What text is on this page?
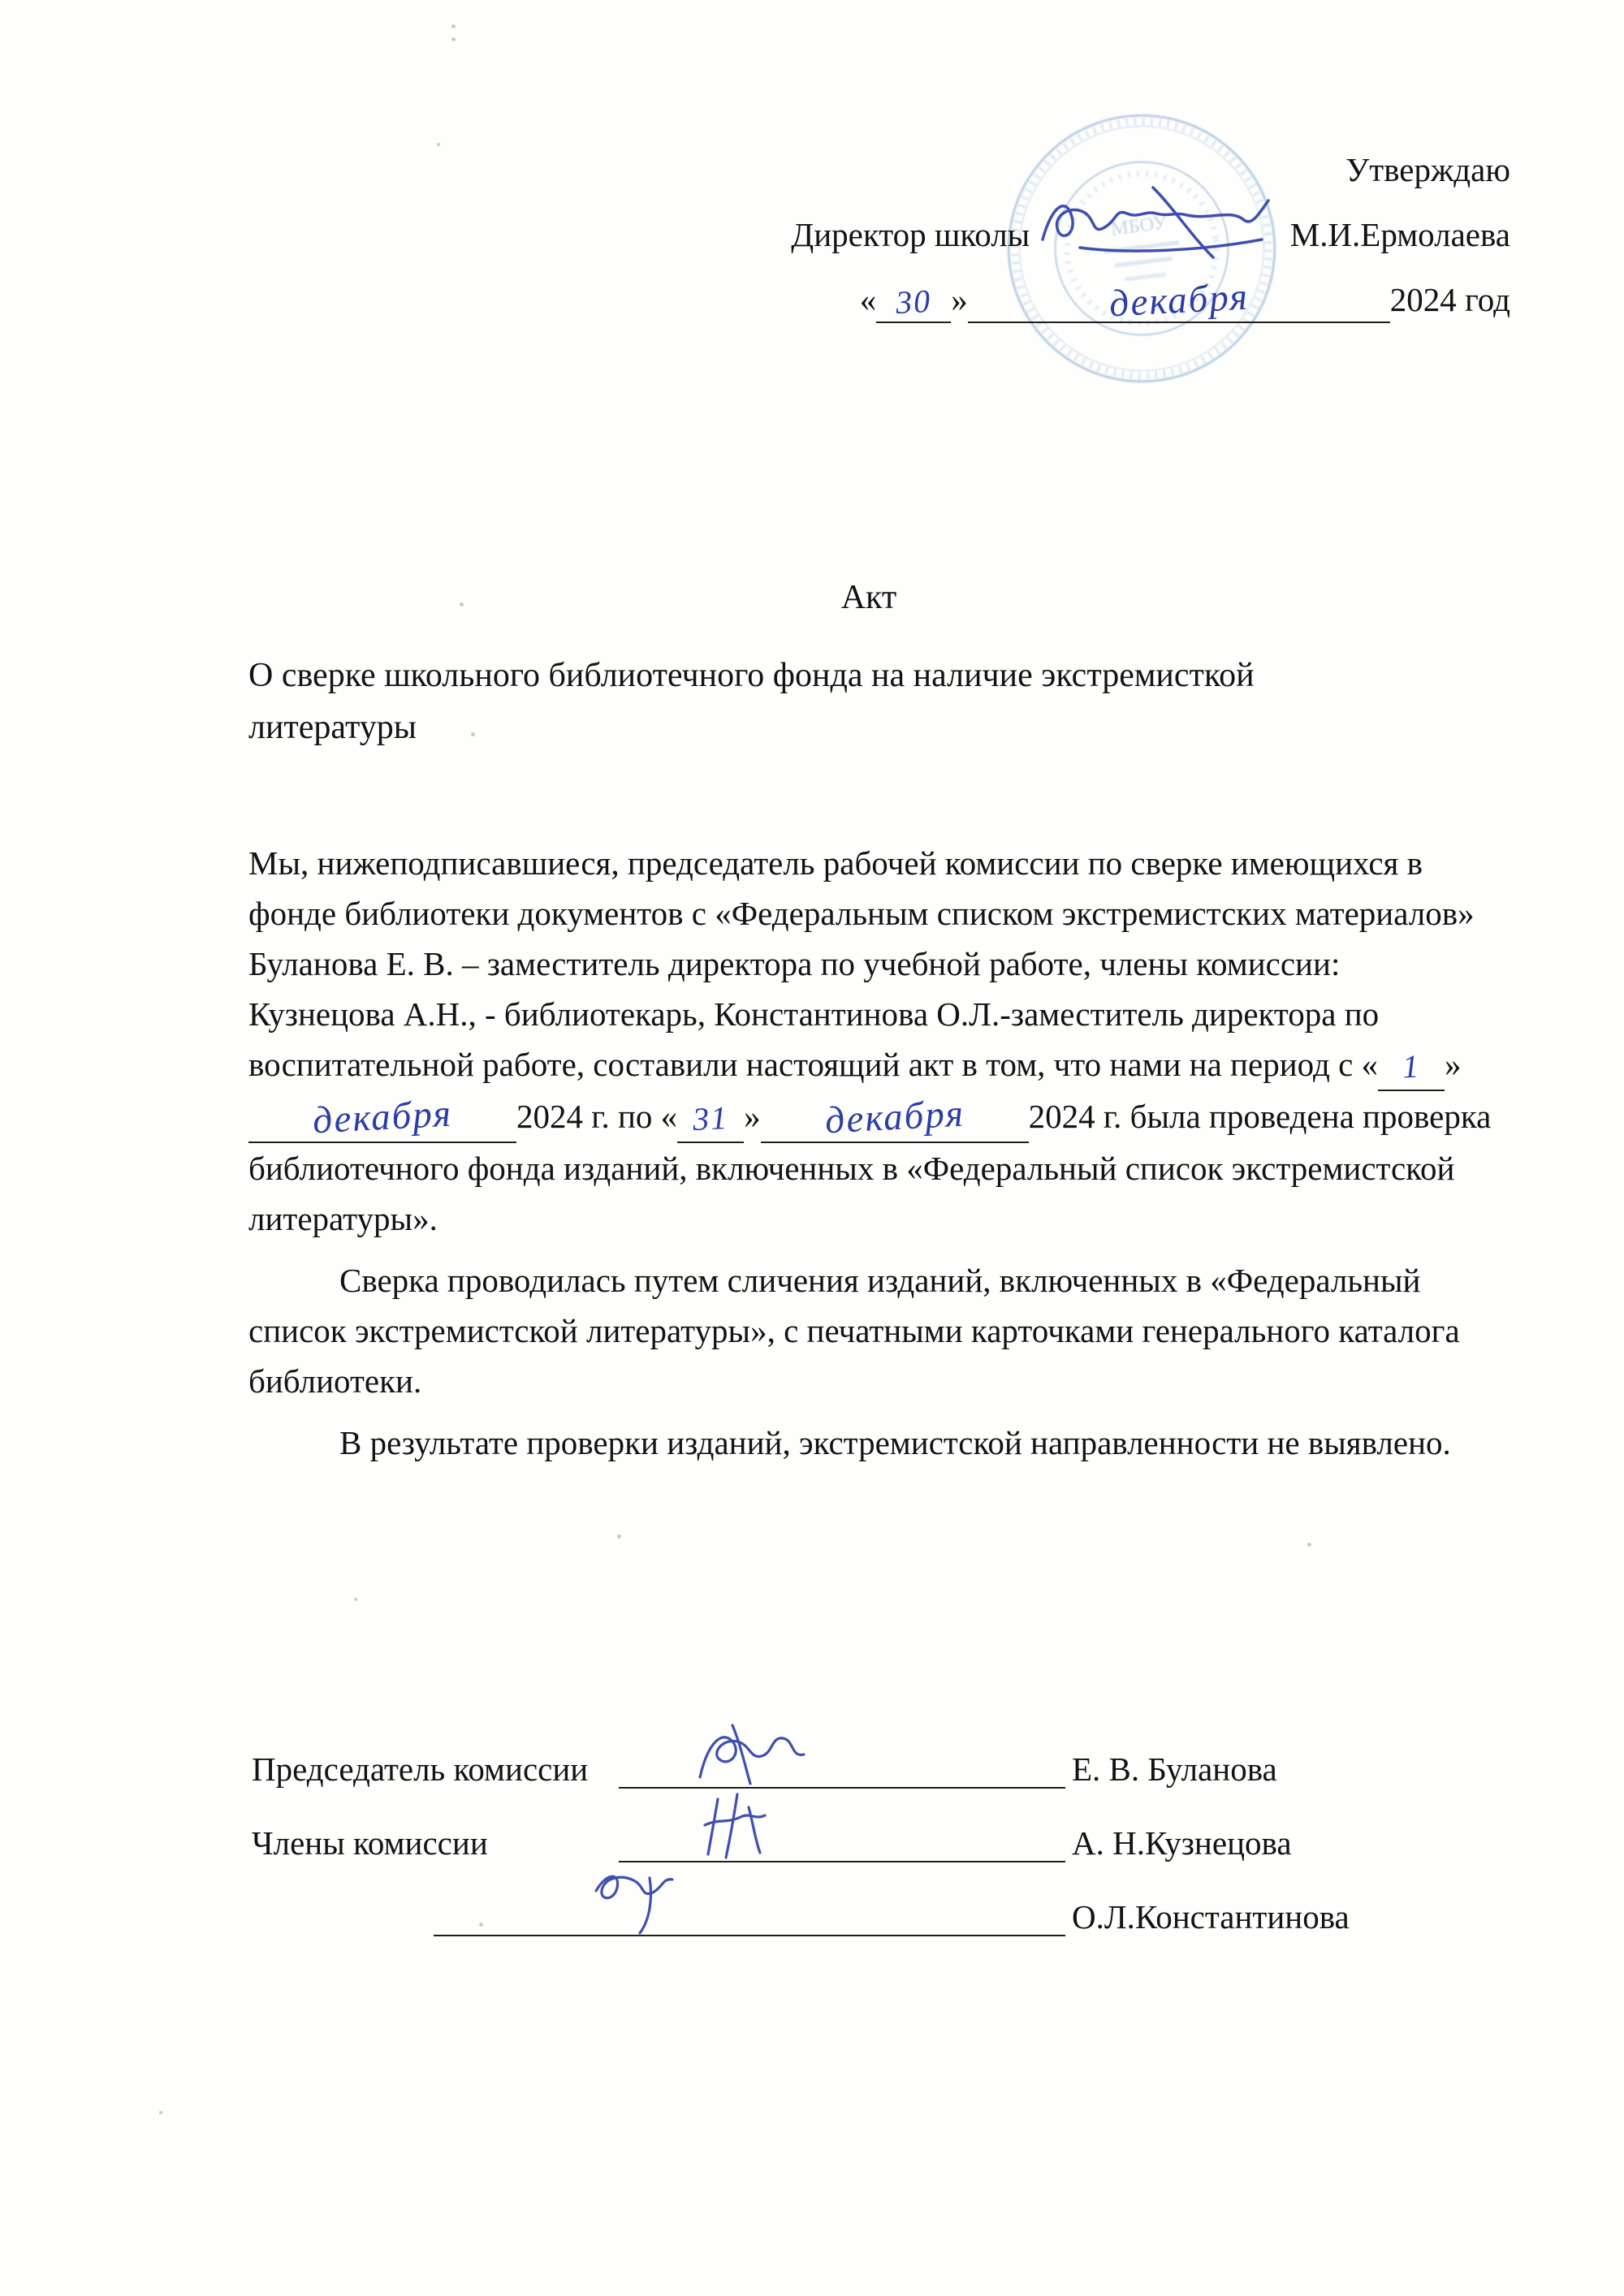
МБОУ
Утверждаю
Директор школы	М.И.Ермолаева
« 30 »	декабря	2024 год
Акт
О сверке школьного библиотечного фонда на наличие экстремисткой литературы

Мы, нижеподписавшиеся, председатель рабочей комиссии по сверке имеющихся в фонде библиотеки документов с «Федеральным списком экстремистских материалов» Буланова Е. В. – заместитель директора по учебной работе, члены комиссии: Кузнецова А.Н., - библиотекарь, Константинова О.Л.-заместитель директора по воспитательной работе, составили настоящий акт в том, что нами на период с « 1 »декабря 2024 г. по « 31 » декабря 2024 г. была проведена проверка библиотечного фонда изданий, включенных в «Федеральный список экстремистской литературы».

Сверка проводилась путем сличения изданий, включенных в «Федеральный список экстремистской литературы», с печатными карточками генерального каталога библиотеки.

В результате проверки изданий, экстремистской направленности не выявлено.

Председатель комиссии	Е. В. Буланова
Члены комиссии	А. Н.Кузнецова
О.Л.Константинова
